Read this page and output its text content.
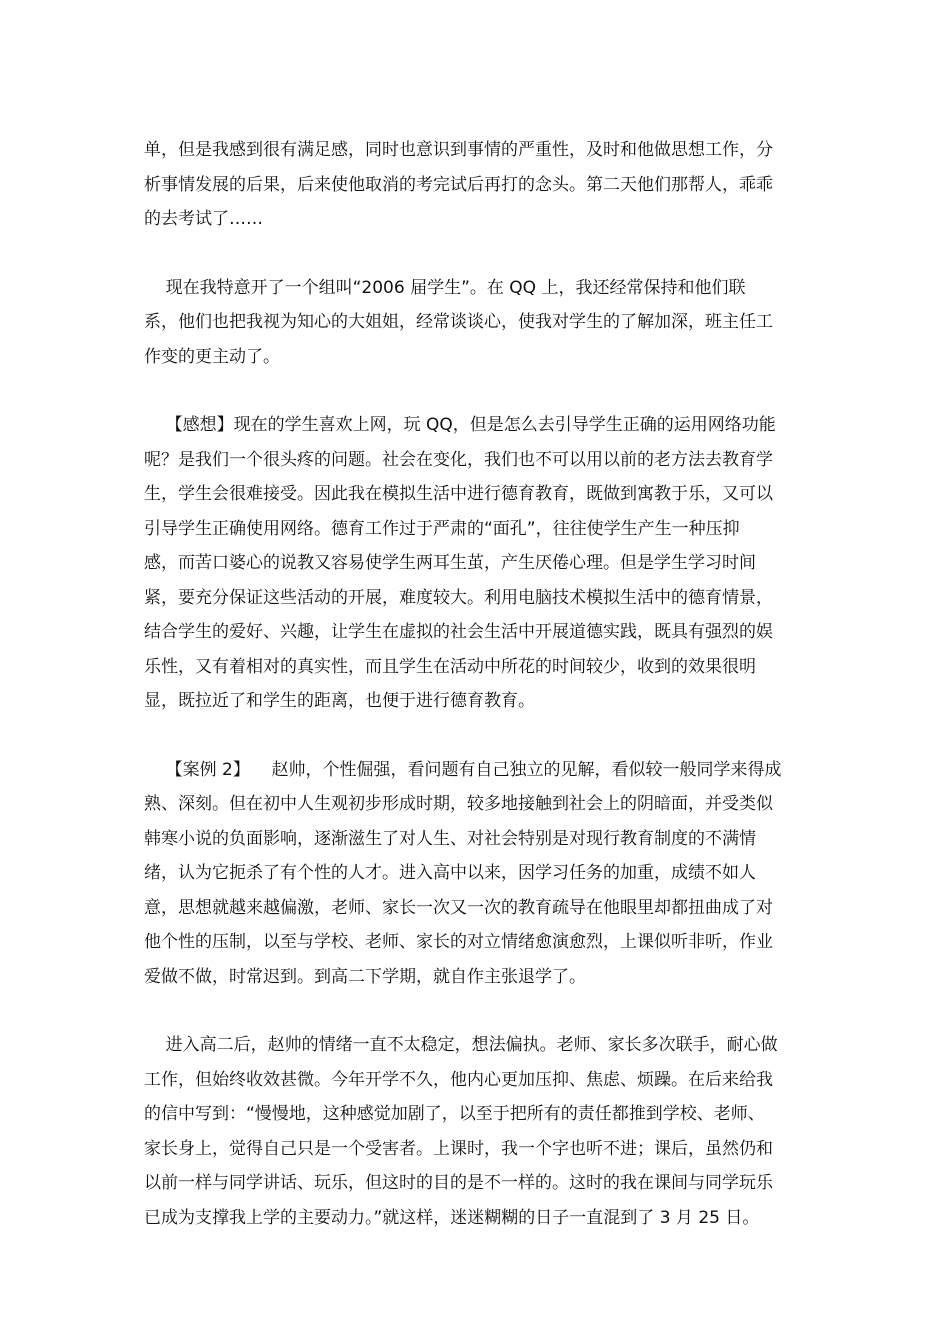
单，但是我感到很有满足感，同时也意识到事情的严重性，及时和他做思想工作，分
析事情发展的后果，后来使他取消的考完试后再打的念头。第二天他们那帮人，乖乖
的去考试了……

现在我特意开了一个组叫“2006 届学生”。在 QQ 上，我还经常保持和他们联
系，他们也把我视为知心的大姐姐，经常谈谈心，使我对学生的了解加深，班主任工
作变的更主动了。

【感想】现在的学生喜欢上网，玩 QQ，但是怎么去引导学生正确的运用网络功能
呢？是我们一个很头疼的问题。社会在变化，我们也不可以用以前的老方法去教育学
生，学生会很难接受。因此我在模拟生活中进行德育教育，既做到寓教于乐，又可以
引导学生正确使用网络。德育工作过于严肃的“面孔”，往往使学生产生一种压抑
感，而苦口婆心的说教又容易使学生两耳生茧，产生厌倦心理。但是学生学习时间
紧，要充分保证这些活动的开展，难度较大。利用电脑技术模拟生活中的德育情景，
结合学生的爱好、兴趣，让学生在虚拟的社会生活中开展道德实践，既具有强烈的娱
乐性，又有着相对的真实性，而且学生在活动中所花的时间较少，收到的效果很明
显，既拉近了和学生的距离，也便于进行德育教育。

【案例 2】    赵帅，个性倔强，看问题有自己独立的见解，看似较一般同学来得成
熟、深刻。但在初中人生观初步形成时期，较多地接触到社会上的阴暗面，并受类似
韩寒小说的负面影响，逐渐滋生了对人生、对社会特别是对现行教育制度的不满情
绪，认为它扼杀了有个性的人才。进入高中以来，因学习任务的加重，成绩不如人
意，思想就越来越偏激，老师、家长一次又一次的教育疏导在他眼里却都扭曲成了对
他个性的压制，以至与学校、老师、家长的对立情绪愈演愈烈，上课似听非听，作业
爱做不做，时常迟到。到高二下学期，就自作主张退学了。

进入高二后，赵帅的情绪一直不太稳定，想法偏执。老师、家长多次联手，耐心做
工作，但始终收效甚微。今年开学不久，他内心更加压抑、焦虑、烦躁。在后来给我
的信中写到：“慢慢地，这种感觉加剧了，以至于把所有的责任都推到学校、老师、
家长身上，觉得自己只是一个受害者。上课时，我一个字也听不进；课后，虽然仍和
以前一样与同学讲话、玩乐，但这时的目的是不一样的。这时的我在课间与同学玩乐
已成为支撑我上学的主要动力。”就这样，迷迷糊糊的日子一直混到了 3 月 25 日。
